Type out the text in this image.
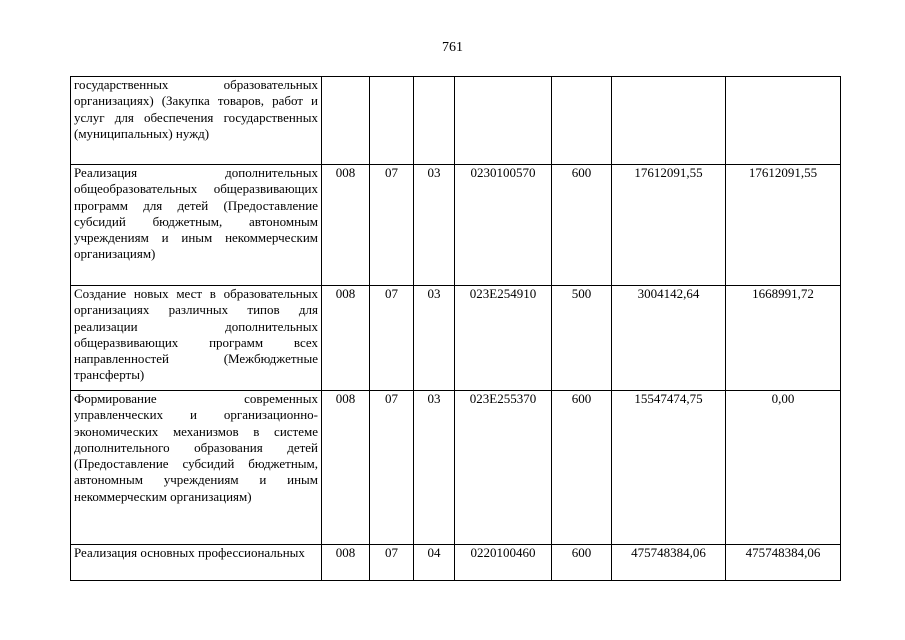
761
государственных образовательных организациях) (Закупка товаров, работ и услуг для обеспечения государственных (муниципальных) нужд)							
Реализация дополнительных общеобразовательных общеразвивающих программ для детей (Предоставление субсидий бюджетным, автономным учреждениям и иным некоммерческим организациям)	008	07	03	0230100570	600	17612091,55	17612091,55
Создание новых мест в образовательных организациях различных типов для реализации дополнительных общеразвивающих программ всех направленностей (Межбюджетные трансферты)	008	07	03	023E254910	500	3004142,64	1668991,72
Формирование современных управленческих и организационно-экономических механизмов в системе дополнительного образования детей (Предоставление субсидий бюджетным, автономным учреждениям и иным некоммерческим организациям)	008	07	03	023E255370	600	15547474,75	0,00
Реализация основных профессиональных	008	07	04	0220100460	600	475748384,06	475748384,06
